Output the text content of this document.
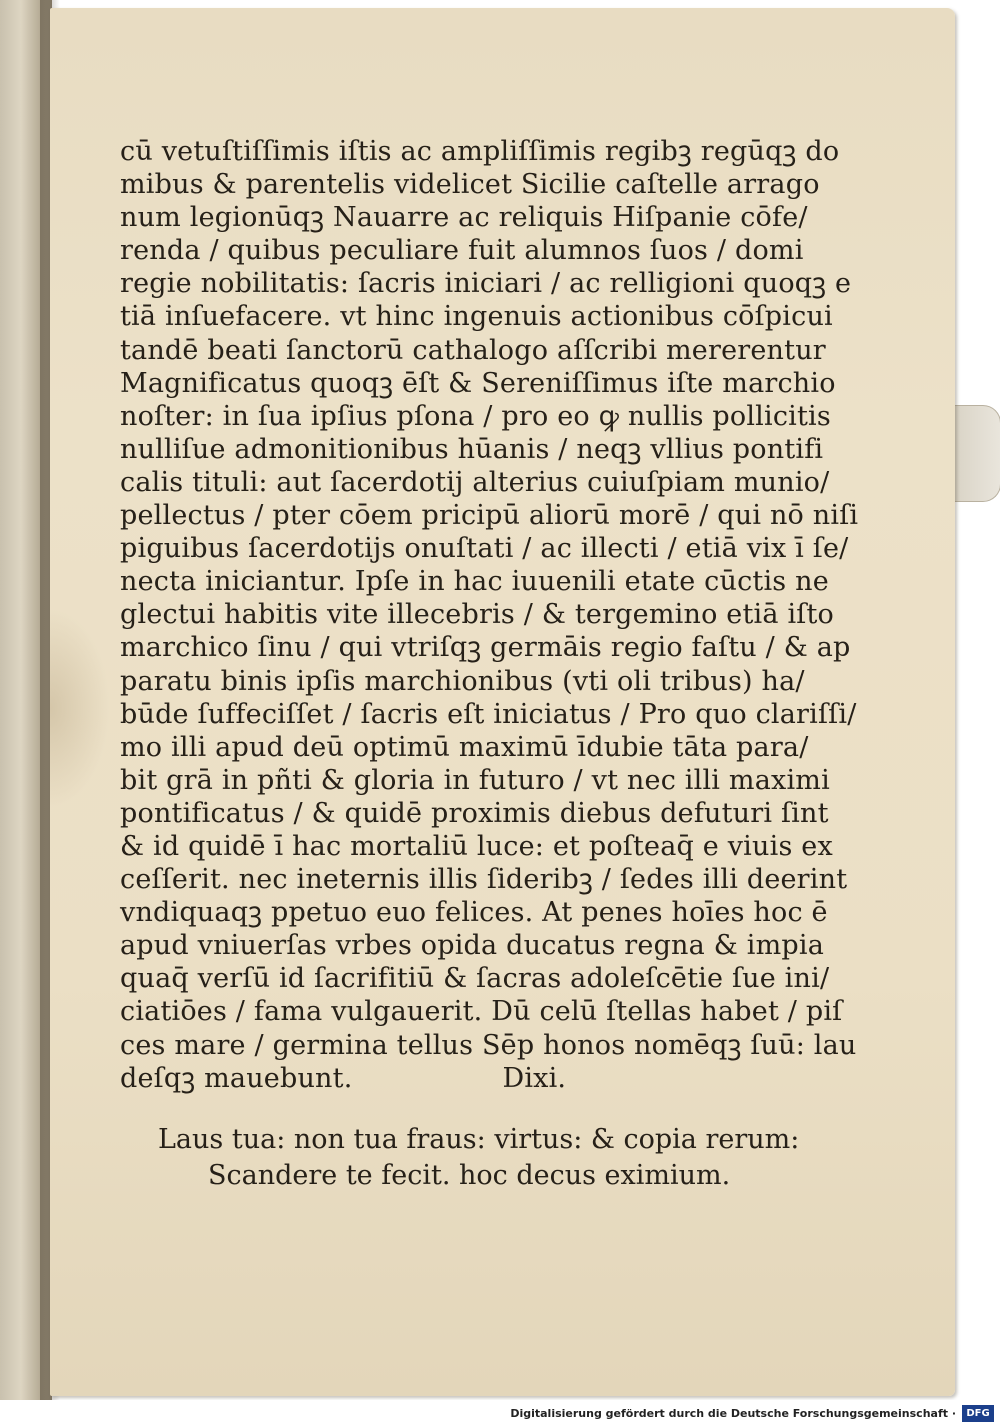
cū vetuſtiſſimis iſtis ac ampliſſimis regibꝫ regūqꝫ do
mibus & parentelis videlicet Sicilie caſtelle arrago
num legionūqꝫ Nauarre ac reliquis Hiſpanie cōfe/
renda / quibus peculiare fuit alumnos ſuos / domi
regie nobilitatis: ſacris iniciari / ac relligioni quoqꝫ e
tiā inſuefacere. vt hinc ingenuis actionibus cōſpicui
tandē beati ſanctorū cathalogo aſſcribi mererentur
Magnificatus quoqꝫ ēſt & Sereniſſimus iſte marchio
noſter: in ſua ipſius pſona / pro eo ꝙ nullis pollicitis
nulliſue admonitionibus hūanis / neqꝫ vllius pontifi
calis tituli: aut ſacerdotij alterius cuiuſpiam munio/
pellectus / pter cōem pricipū aliorū morē / qui nō niſi
piguibus ſacerdotijs onuſtati / ac illecti / etiā vix ī ſe/
necta iniciantur. Ipſe in hac iuuenili etate cūctis ne
glectui habitis vite illecebris / & tergemino etiā iſto
marchico ſinu / qui vtriſqꝫ germāis regio faſtu / & ap
paratu binis ipſis marchionibus (vti oli tribus) ha/
būde ſuffeciſſet / ſacris eſt iniciatus / Pro quo clariſſi/
mo illi apud deū optimū maximū īdubie tāta para/
bit grā in pñti & gloria in futuro / vt nec illi maximi
pontificatus / & quidē proximis diebus defuturi ſint
& id quidē ī hac mortaliū luce: et poſteaq̄ e viuis ex
ceſſerit. nec ineternis illis ſideribꝫ / ſedes illi deerint
vndiquaqꝫ ppetuo euo felices. At penes hoīes hoc ē
apud vniuerſas vrbes opida ducatus regna & impia
quaq̄ verſū id ſacrifitiū & ſacras adoleſcētie ſue ini/
ciatiōes / fama vulgauerit. Dū celū ſtellas habet / piſ
ces mare / germina tellus Sēp honos nomēqꝫ ſuū: lau
deſqꝫ mauebunt.	Dixi.
Laus tua: non tua fraus: virtus: & copia rerum:
Scandere te fecit. hoc decus eximium.
Digitalisierung gefördert durch die Deutsche Forschungsgemeinschaft ·	DFG
